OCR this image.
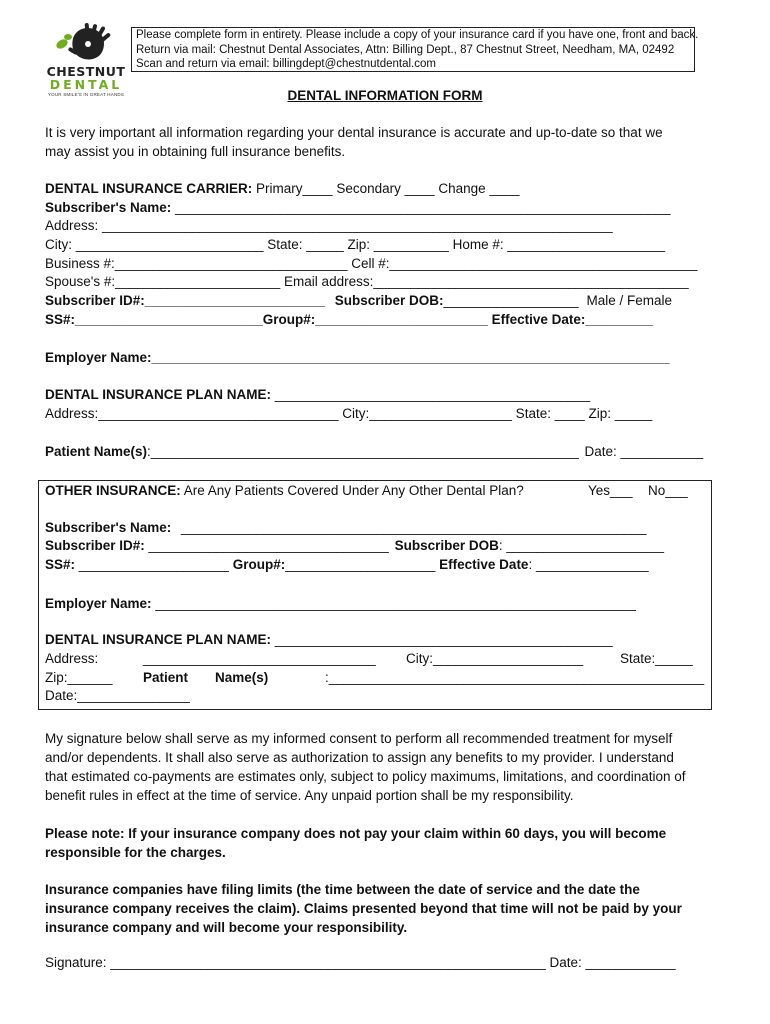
CHESTNUT
DENTAL
YOUR SMILE'S IN GREAT HANDS
Please complete form in entirety. Please include a copy of your insurance card if you have one, front and back.
Return via mail: Chestnut Dental Associates, Attn: Billing Dept., 87 Chestnut Street, Needham, MA, 02492
Scan and return via email: billingdept@chestnutdental.com
DENTAL INFORMATION FORM
It is very important all information regarding your dental insurance is accurate and up-to-date so that we
may assist you in obtaining full insurance benefits.
DENTAL INSURANCE CARRIER: Primary____ Secondary ____ Change ____
Subscriber's Name: __________________________________________________________________
Address: ____________________________________________________________________
City: _________________________ State: _____ Zip: __________ Home #: _____________________
Business #:_______________________________ Cell #:_________________________________________
Spouse's #:______________________ Email address:__________________________________________
Subscriber ID#:________________________ Subscriber DOB:__________________ Male / Female
SS#:_________________________Group#:_______________________ Effective Date:_________
Employer Name:_____________________________________________________________________
DENTAL INSURANCE PLAN NAME: __________________________________________
Address:________________________________ City:___________________ State: ____ Zip: _____
Patient Name(s):_________________________________________________________ Date: ___________
OTHER INSURANCE: Are Any Patients Covered Under Any Other Dental Plan?	Yes___ No___
Subscriber's Name: ______________________________________________________________
Subscriber ID#: ________________________________ Subscriber DOB: _____________________
SS#: ____________________ Group#:____________________ Effective Date: _______________
Employer Name: ________________________________________________________________
DENTAL INSURANCE PLAN NAME: _____________________________________________
Address:	_______________________________ City:____________________	State:_____
Zip:______ Patient Name(s)	:__________________________________________________
Date:_______________
My signature below shall serve as my informed consent to perform all recommended treatment for myself
and/or dependents. It shall also serve as authorization to assign any benefits to my provider. I understand
that estimated co-payments are estimates only, subject to policy maximums, limitations, and coordination of
benefit rules in effect at the time of service. Any unpaid portion shall be my responsibility.
Please note: If your insurance company does not pay your claim within 60 days, you will become
responsible for the charges.
Insurance companies have filing limits (the time between the date of service and the date the
insurance company receives the claim). Claims presented beyond that time will not be paid by your
insurance company and will become your responsibility.
Signature: __________________________________________________________ Date: ____________
